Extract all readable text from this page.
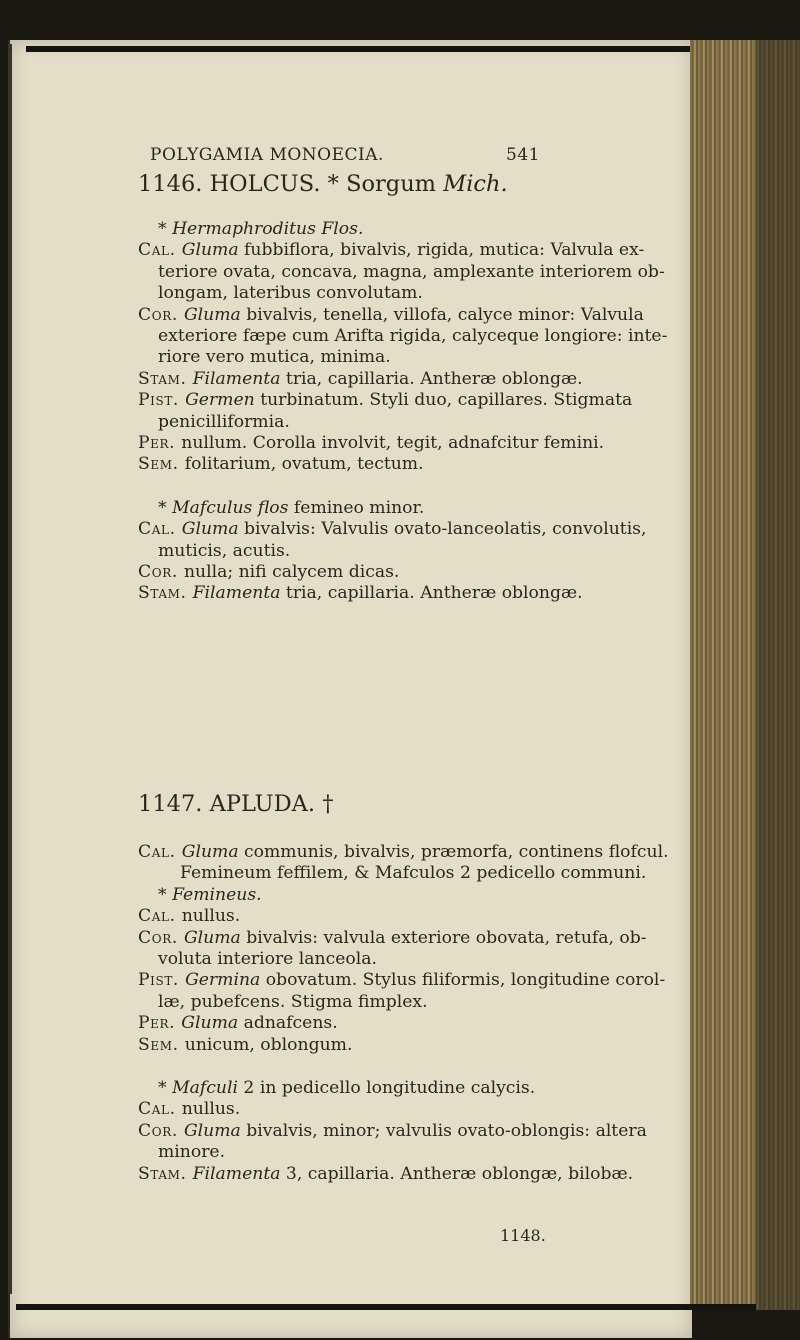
POLYGAMIA MONOECIA.	541
1146. HOLCUS. * Sorgum Mich.
* Hermaphroditus Flos.
Cal. Gluma fubbiflora, bivalvis, rigida, mutica: Valvula ex-
teriore ovata, concava, magna, amplexante interiorem ob-
longam, lateribus convolutam.
Cor. Gluma bivalvis, tenella, villofa, calyce minor: Valvula
exteriore fæpe cum Arifta rigida, calyceque longiore: inte-
riore vero mutica, minima.
Stam. Filamenta tria, capillaria. Antheræ oblongæ.
Pist. Germen turbinatum. Styli duo, capillares. Stigmata
penicilliformia.
Per. nullum. Corolla involvit, tegit, adnafcitur femini.
Sem. folitarium, ovatum, tectum.
* Mafculus flos femineo minor.
Cal. Gluma bivalvis: Valvulis ovato-lanceolatis, convolutis,
muticis, acutis.
Cor. nulla; nifi calycem dicas.
Stam. Filamenta tria, capillaria. Antheræ oblongæ.
1147. APLUDA. †
Cal. Gluma communis, bivalvis, præmorfa, continens flofcul.
Femineum feffilem, & Mafculos 2 pedicello communi.
* Femineus.
Cal. nullus.
Cor. Gluma bivalvis: valvula exteriore obovata, retufa, ob-
voluta interiore lanceola.
Pist. Germina obovatum. Stylus filiformis, longitudine corol-
læ, pubefcens. Stigma fimplex.
Per. Gluma adnafcens.
Sem. unicum, oblongum.
* Mafculi 2 in pedicello longitudine calycis.
Cal. nullus.
Cor. Gluma bivalvis, minor; valvulis ovato-oblongis: altera
minore.
Stam. Filamenta 3, capillaria. Antheræ oblongæ, bilobæ.
1148.
